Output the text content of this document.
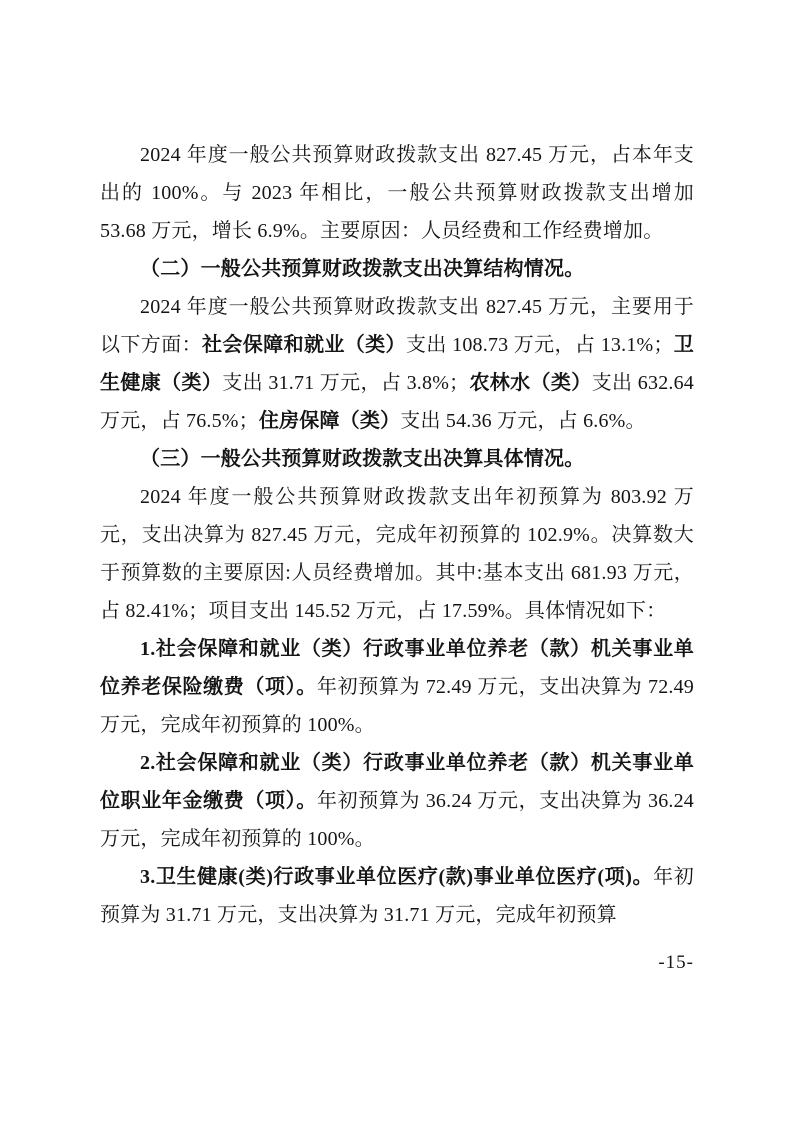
2024 年度一般公共预算财政拨款支出 827.45 万元，占本年支出的 100%。与 2023 年相比，一般公共预算财政拨款支出增加 53.68 万元，增长 6.9%。主要原因：人员经费和工作经费增加。

（二）一般公共预算财政拨款支出决算结构情况。

2024 年度一般公共预算财政拨款支出 827.45 万元，主要用于以下方面：社会保障和就业（类）支出 108.73 万元，占 13.1%；卫生健康（类）支出 31.71 万元，占 3.8%；农林水（类）支出 632.64 万元，占 76.5%；住房保障（类）支出 54.36 万元，占 6.6%。

（三）一般公共预算财政拨款支出决算具体情况。

2024 年度一般公共预算财政拨款支出年初预算为 803.92 万元，支出决算为 827.45 万元，完成年初预算的 102.9%。决算数大于预算数的主要原因:人员经费增加。其中:基本支出 681.93 万元，占 82.41%；项目支出 145.52 万元，占 17.59%。具体情况如下：

1.社会保障和就业（类）行政事业单位养老（款）机关事业单位养老保险缴费（项）。年初预算为 72.49 万元，支出决算为 72.49 万元，完成年初预算的 100%。

2.社会保障和就业（类）行政事业单位养老（款）机关事业单位职业年金缴费（项）。年初预算为 36.24 万元，支出决算为 36.24 万元，完成年初预算的 100%。

3.卫生健康(类)行政事业单位医疗(款)事业单位医疗(项)。年初预算为 31.71 万元，支出决算为 31.71 万元，完成年初预算

-15-
